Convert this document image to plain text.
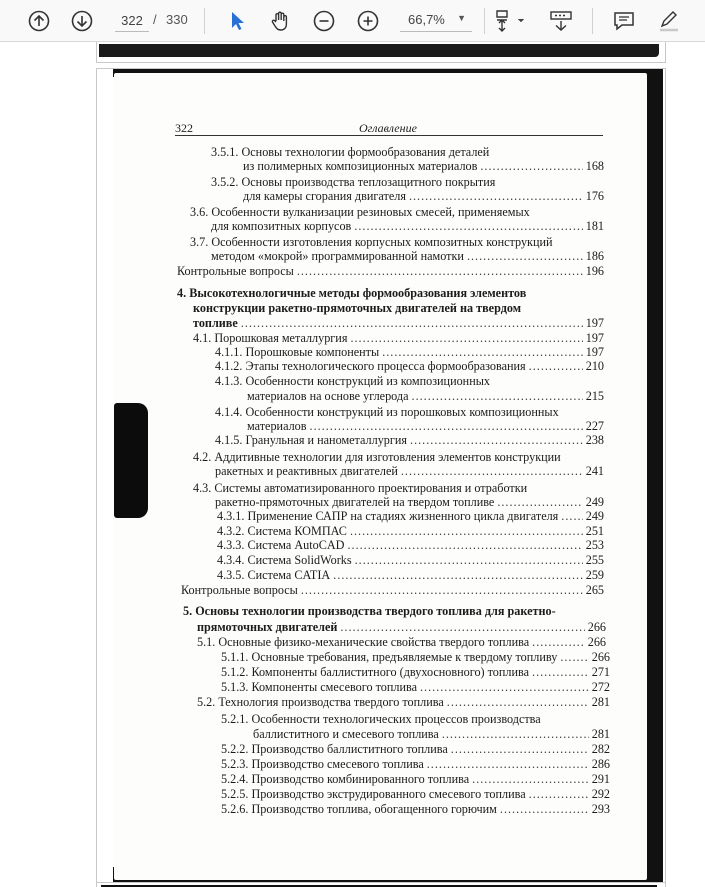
322
/ 330	66,7% ▼
322	Оглавление
3.5.1. Основы технологии формообразования деталей
из полимерных композиционных материалов .....	168
3.5.2. Основы производства теплозащитного покрытия
для камеры сгорания двигателя .....	176
3.6. Особенности вулканизации резиновых смесей, применяемых
для композитных корпусов .....	181
3.7. Особенности изготовления корпусных композитных конструкций
методом «мокрой» программированной намотки .....	186
Контрольные вопросы .....	196
4. Высокотехнологичные методы формообразования элементов
конструкции ракетно-прямоточных двигателей на твердом
топливе .....	197
4.1. Порошковая металлургия .....	197
4.1.1. Порошковые компоненты .....	197
4.1.2. Этапы технологического процесса формообразования .....	210
4.1.3. Особенности конструкций из композиционных
материалов на основе углерода .....	215
4.1.4. Особенности конструкций из порошковых композиционных
материалов .....	227
4.1.5. Гранульная и нанометаллургия .....	238
4.2. Аддитивные технологии для изготовления элементов конструкции
ракетных и реактивных двигателей .....	241
4.3. Системы автоматизированного проектирования и отработки
ракетно-прямоточных двигателей на твердом топливе .....	249
4.3.1. Применение САПР на стадиях жизненного цикла двигателя ..... 249
4.3.2. Система КОМПАС .....	251
4.3.3. Система AutoCAD .....	253
4.3.4. Система SolidWorks .....	255
4.3.5. Система CATIA .....	259
Контрольные вопросы .....	265
5. Основы технологии производства твердого топлива для ракетно-
прямоточных двигателей .....	266
5.1. Основные физико-механические свойства твердого топлива .....	266
5.1.1. Основные требования, предъявляемые к твердому топливу .....	266
5.1.2. Компоненты баллиститного (двухосновного) топлива .....	271
5.1.3. Компоненты смесевого топлива .....	272
5.2. Технология производства твердого топлива .....	281
5.2.1. Особенности технологических процессов производства
баллиститного и смесевого топлива .....	281
5.2.2. Производство баллиститного топлива .....	282
5.2.3. Производство смесевого топлива .....	286
5.2.4. Производство комбинированного топлива .....	291
5.2.5. Производство экструдированного смесевого топлива .....	292
5.2.6. Производство топлива, обогащенного горючим .....	293
